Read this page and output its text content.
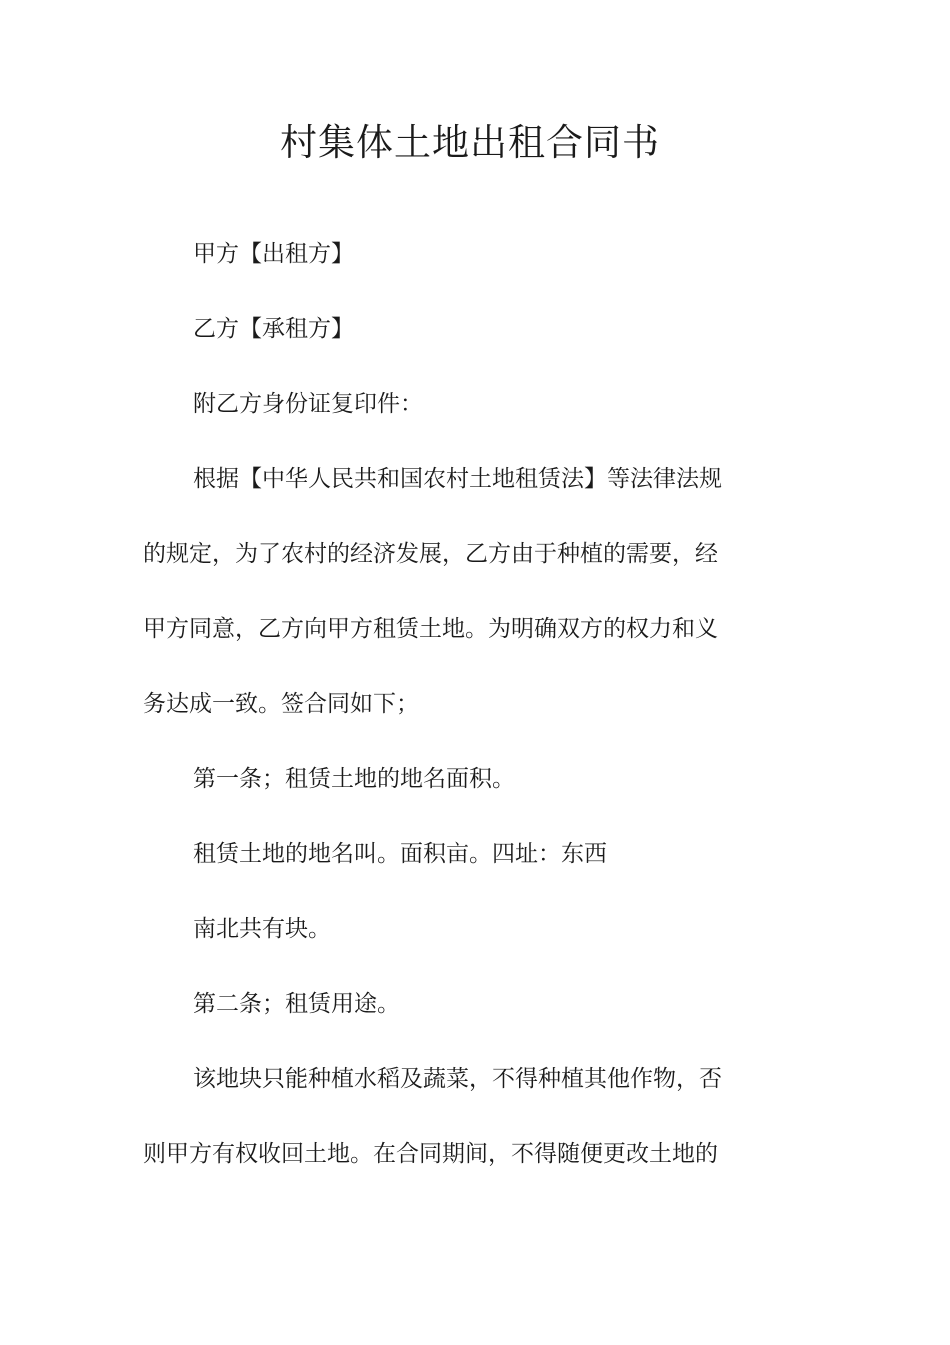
村集体土地出租合同书
甲方【出租方】
乙方【承租方】
附乙方身份证复印件：
根据【中华人民共和国农村土地租赁法】等法律法规
的规定，为了农村的经济发展，乙方由于种植的需要，经
甲方同意，乙方向甲方租赁土地。为明确双方的权力和义
务达成一致。签合同如下；
第一条；租赁土地的地名面积。
租赁土地的地名叫。面积亩。四址：东西
南北共有块。
第二条；租赁用途。
该地块只能种植水稻及蔬菜，不得种植其他作物，否
则甲方有权收回土地。在合同期间，不得随便更改土地的
